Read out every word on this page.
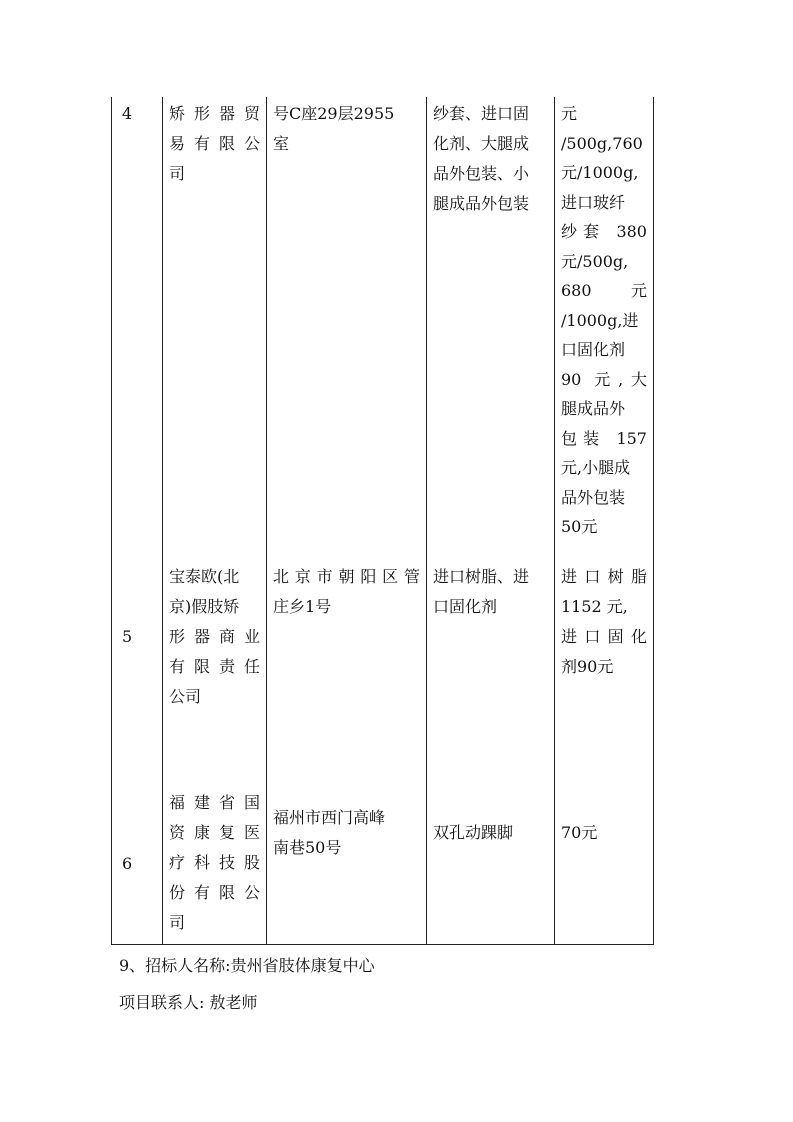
4	矫形器贸
易有限公
司
号C座29层2955
室
纱套、进口固
化剂、大腿成
品外包装、小
腿成品外包装
元
/500g,760
元/1000g,
进口玻纤
纱套 380
元/500g,
680 元
/1000g,进
口固化剂
90 元,大
腿成品外
包装 157
元,小腿成
品外包装
50元
5
宝泰欧(北
京)假肢矫
形器商业
有限责任
公司
北京市朝阳区管
庄乡1号
进口树脂、进
口固化剂
进口树脂
1152 元,
进口固化
剂90元
6
福建省国
资康复医
疗科技股
份有限公
司
福州市西门高峰
南巷50号
双孔动踝脚	70元
9、招标人名称:贵州省肢体康复中心
项目联系人: 敖老师
